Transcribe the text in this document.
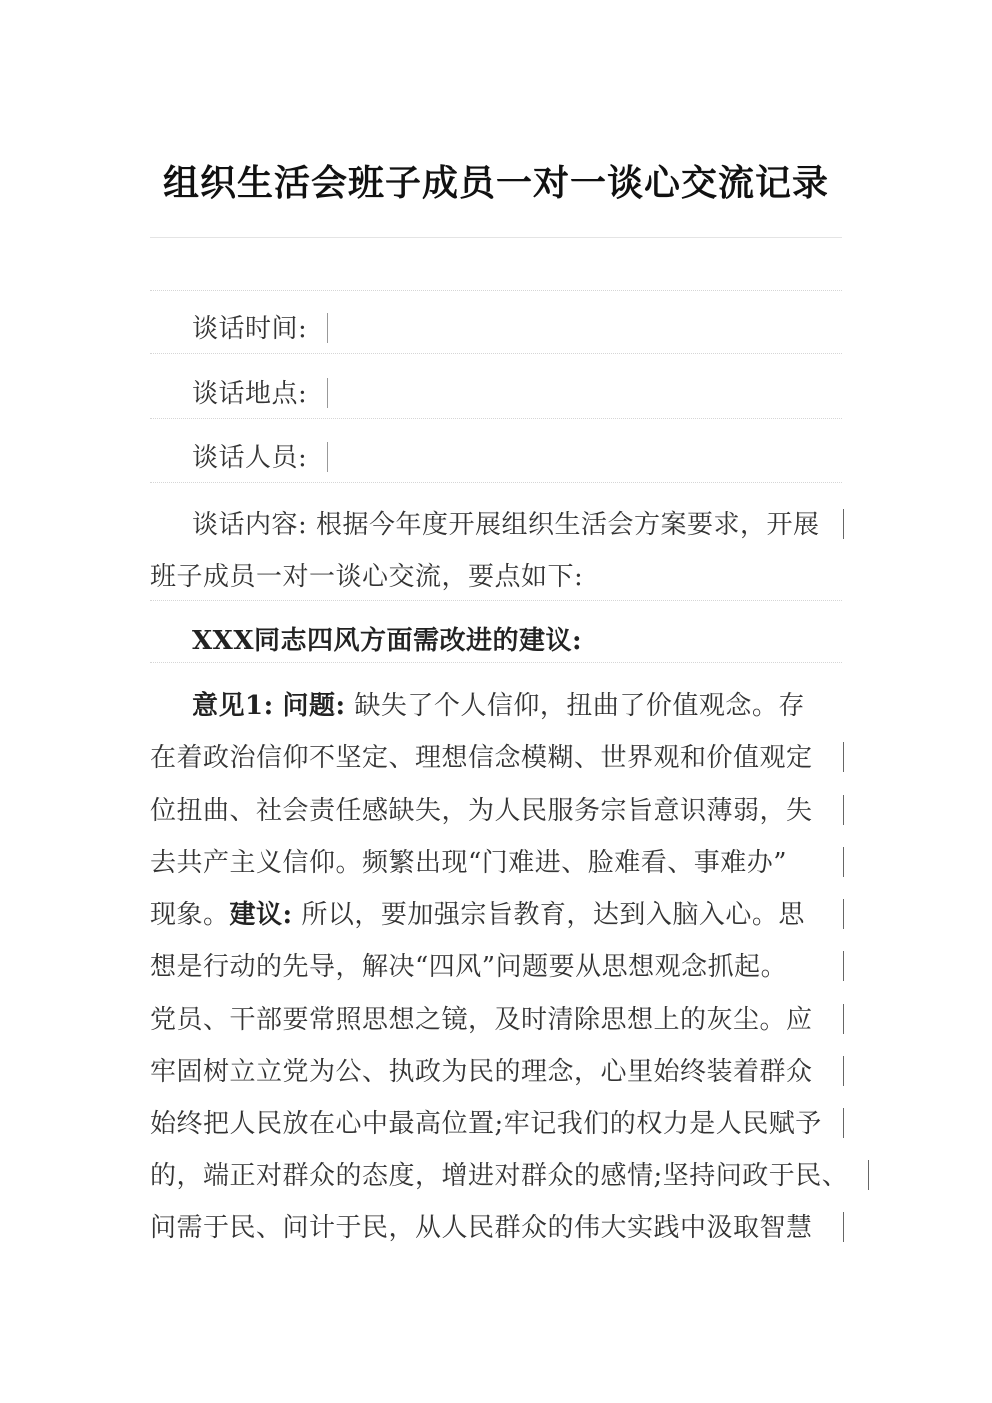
组织生活会班子成员一对一谈心交流记录
谈话时间:
谈话地点:
谈话人员:
谈话内容: 根据今年度开展组织生活会方案要求，开展
班子成员一对一谈心交流，要点如下:
XXX同志四风方面需改进的建议:
意见1: 问题: 缺失了个人信仰，扭曲了价值观念。存
在着政治信仰不坚定、理想信念模糊、世界观和价值观定
位扭曲、社会责任感缺失，为人民服务宗旨意识薄弱，失
去共产主义信仰。频繁出现“门难进、脸难看、事难办”
现象。建议: 所以，要加强宗旨教育，达到入脑入心。思
想是行动的先导，解决“四风”问题要从思想观念抓起。
党员、干部要常照思想之镜，及时清除思想上的灰尘。应
牢固树立立党为公、执政为民的理念，心里始终装着群众
始终把人民放在心中最高位置;牢记我们的权力是人民赋予
的，端正对群众的态度，增进对群众的感情;坚持问政于民、
问需于民、问计于民，从人民群众的伟大实践中汲取智慧
